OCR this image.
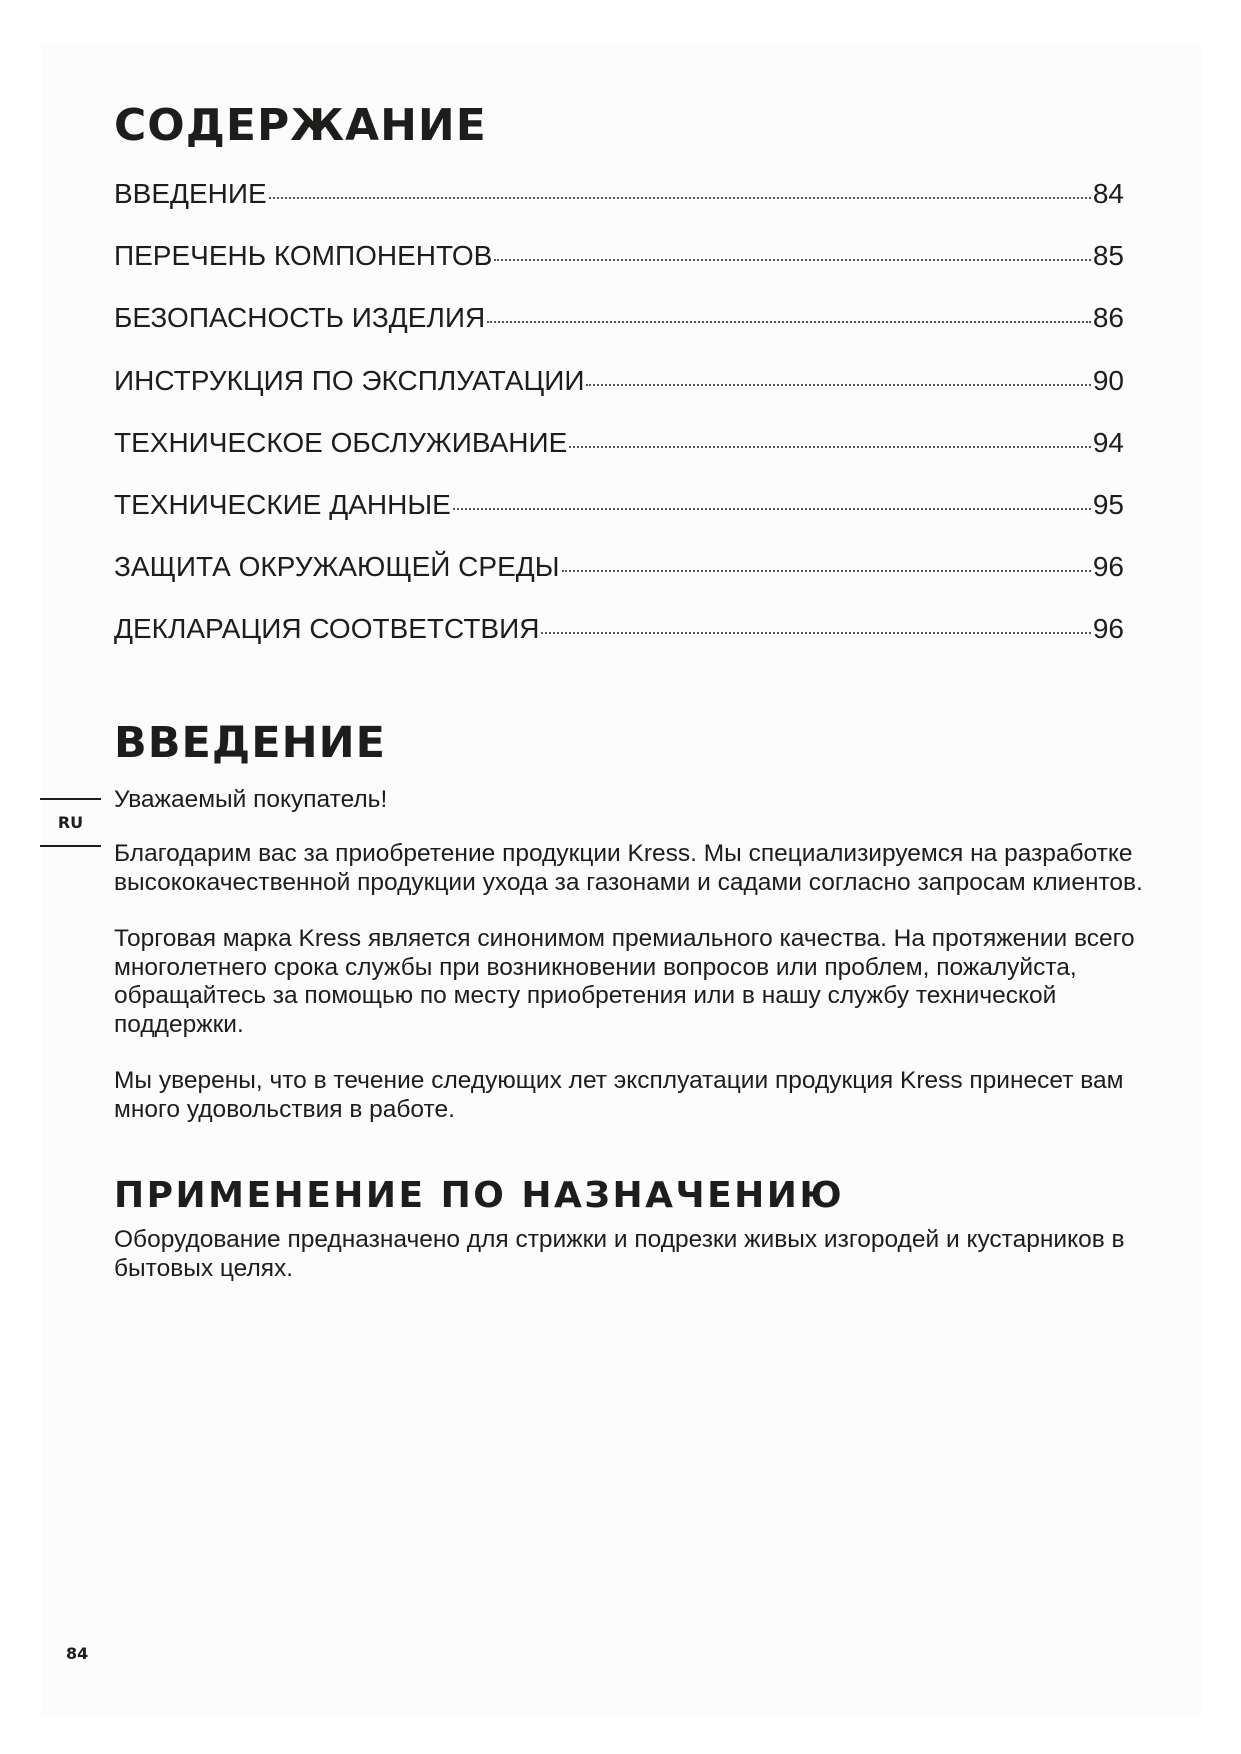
СОДЕРЖАНИЕ
ВВЕДЕНИЕ	84
ПЕРЕЧЕНЬ КОМПОНЕНТОВ	85
БЕЗОПАСНОСТЬ ИЗДЕЛИЯ	86
ИНСТРУКЦИЯ ПО ЭКСПЛУАТАЦИИ	90
ТЕХНИЧЕСКОЕ ОБСЛУЖИВАНИЕ	94
ТЕХНИЧЕСКИЕ ДАННЫЕ	95
ЗАЩИТА ОКРУЖАЮЩЕЙ СРЕДЫ	96
ДЕКЛАРАЦИЯ СООТВЕТСТВИЯ	96
ВВЕДЕНИЕ
RU

Уважаемый покупатель!

Благодарим вас за приобретение продукции Kress. Мы специализируемся на разработке
высококачественной продукции ухода за газонами и садами согласно запросам клиентов.

Торговая марка Kress является синонимом премиального качества. На протяжении всего
многолетнего срока службы при возникновении вопросов или проблем, пожалуйста,
обращайтесь за помощью по месту приобретения или в нашу службу технической
поддержки.

Мы уверены, что в течение следующих лет эксплуатации продукция Kress принесет вам
много удовольствия в работе.

ПРИМЕНЕНИЕ ПО НАЗНАЧЕНИЮ

Оборудование предназначено для стрижки и подрезки живых изгородей и кустарников в
бытовых целях.

84
